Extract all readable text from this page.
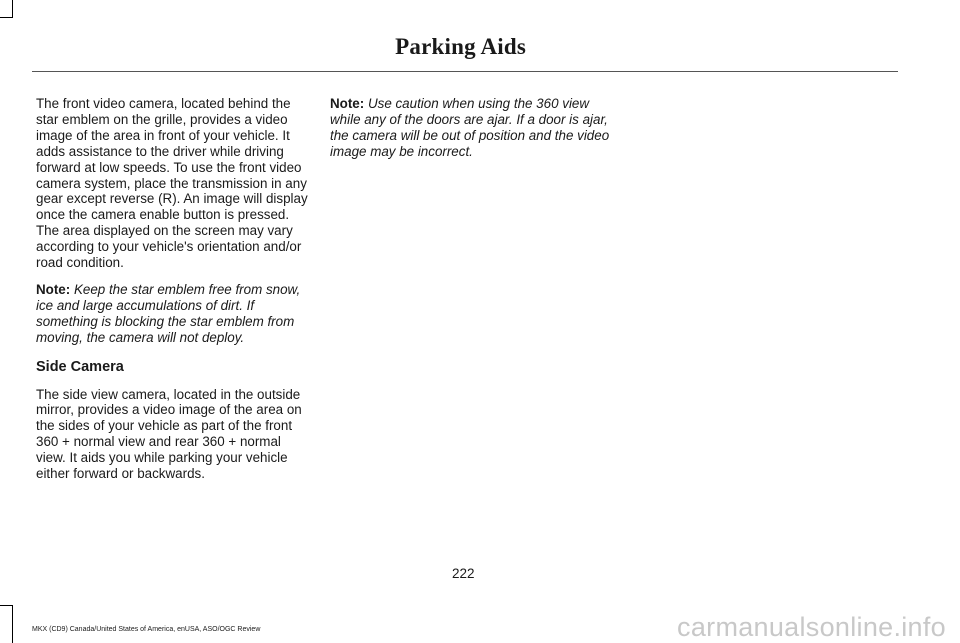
Parking Aids

The front video camera, located behind the star emblem on the grille, provides a video image of the area in front of your vehicle. It adds assistance to the driver while driving forward at low speeds. To use the front video camera system, place the transmission in any gear except reverse (R). An image will display once the camera enable button is pressed. The area displayed on the screen may vary according to your vehicle's orientation and/or road condition.

Note: Keep the star emblem free from snow, ice and large accumulations of dirt. If something is blocking the star emblem from moving, the camera will not deploy.

Side Camera

The side view camera, located in the outside mirror, provides a video image of the area on the sides of your vehicle as part of the front 360 + normal view and rear 360 + normal view. It aids you while parking your vehicle either forward or backwards.

Note: Use caution when using the 360 view while any of the doors are ajar. If a door is ajar, the camera will be out of position and the video image may be incorrect.

222
MKX (CD9) Canada/United States of America, enUSA, ASO/OGC Review	carmanualsonline.info
